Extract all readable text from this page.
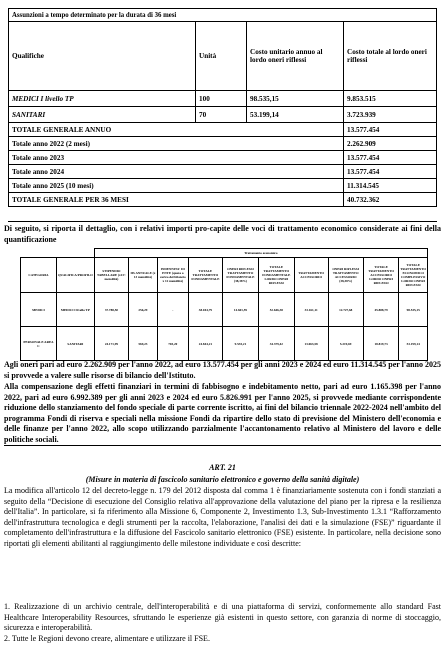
Assunzioni a tempo determinato per la durata di 36 mesi			
Qualifiche	Unità	Costo unitario annuo al lordo oneri riflessi	Costo totale al lordo oneri riflessi
MEDICI I livello TP	100	98.535,15	9.853.515
SANITARI	70	53.199,14	3.723.939
TOTALE GENERALE ANNUO			13.577.454
Totale anno 2022 (2 mesi)			2.262.909
Totale anno 2023			13.577.454
Totale anno 2024			13.577.454
Totale anno 2025 (10 mesi)			11.314.545
TOTALE GENERALE PER 36 MESI			40.732.362
Di seguito, si riporta il dettaglio, con i relativi importi pro-capite delle voci di trattamento economico considerate ai fini della quantificazione
		Trattamento economico									
CATEGORIA	QUALIFICA/PROFILO	STIPENDIO TABELLARE (x13^ mensilità)	IIS ANNUALE (x 13 mensilità)	INDENNITA' DI ENTE (quota a carico del bilancio x 12 mensilità)	TOTALE TRATTAMENTO FONDAMENTALE	ONERI RIFLESSI TRATTAMENTO FONDAMENTALE (38,38%)	TOTALE TRATTAMENTO FONDAMENTALE LORDO ONERI RIFLESSI	TRATTAMENTO ACCESSORIO	ONERI RIFLESSI TRATTAMENTO ACCESSORIO (38,38%)	TOTALE TRATTAMENTO ACCESSORIO LORDO ONERI RIFLESSI	TOTALE TRATTAMENTO ECONOMICO COMPLESSIVO LORDO ONERI RIFLESSI
MEDICI	MEDICI I livello TP	37.788,50	256,29	-	38.044,79	14.601,59	52.646,38	33.161,11	12.727,68	45.888,79	98.535,15
PERSONALE AREA C	SANITARI	24.171,99	569,23	703,20	24.844,21	9.535,21	34.379,42	13.063,58	5.219,69	18.819,73	53.199,14
Agli oneri pari ad euro 2.262.909 per l'anno 2022, ad euro 13.577.454 per gli anni 2023 e 2024 ed euro 11.314.545 per l'anno 2025 si provvede a valere sulle risorse di bilancio dell'Istituto.
Alla compensazione degli effetti finanziari in termini di fabbisogno e indebitamento netto, pari ad euro 1.165.398 per l'anno 2022, pari ad euro 6.992.389 per gli anni 2023 e 2024 ed euro 5.826.991 per l'anno 2025, si provvede mediante corrispondente riduzione dello stanziamento del fondo speciale di parte corrente iscritto, ai fini del bilancio triennale 2022-2024 nell'ambito del programma Fondi di riserva e speciali nella missione Fondi da ripartire dello stato di previsione del Ministero dell'economia e delle finanze per l'anno 2022, allo scopo utilizzando parzialmente l'accantonamento relativo al Ministero del lavoro e delle politiche sociali.
ART. 21
(Misure in materia di fascicolo sanitario elettronico e governo della sanità digitale)
La modifica all'articolo 12 del decreto-legge n. 179 del 2012 disposta dal comma 1 è finanziariamente sostenuta con i fondi stanziati a seguito della “Decisione di esecuzione del Consiglio relativa all'approvazione della valutazione del piano per la ripresa e la resilienza dell'Italia”. In particolare, si fa riferimento alla Missione 6, Componente 2, Investimento 1.3, Sub-Investimento 1.3.1 “Rafforzamento dell'infrastruttura tecnologica e degli strumenti per la raccolta, l'elaborazione, l'analisi dei dati e la simulazione (FSE)” riguardante il completamento dell'infrastruttura e la diffusione del Fascicolo sanitario elettronico (FSE) esistente. In particolare, nella decisione sono riportati gli elementi abilitanti al raggiungimento delle milestone individuate e così descritte:
1. Realizzazione di un archivio centrale, dell'interoperabilità e di una piattaforma di servizi, conformemente allo standard Fast Healthcare Interoperability Resources, sfruttando le esperienze già esistenti in questo settore, con garanzia di norme di stoccaggio, sicurezza e interoperabilità.
2. Tutte le Regioni devono creare, alimentare e utilizzare il FSE.
